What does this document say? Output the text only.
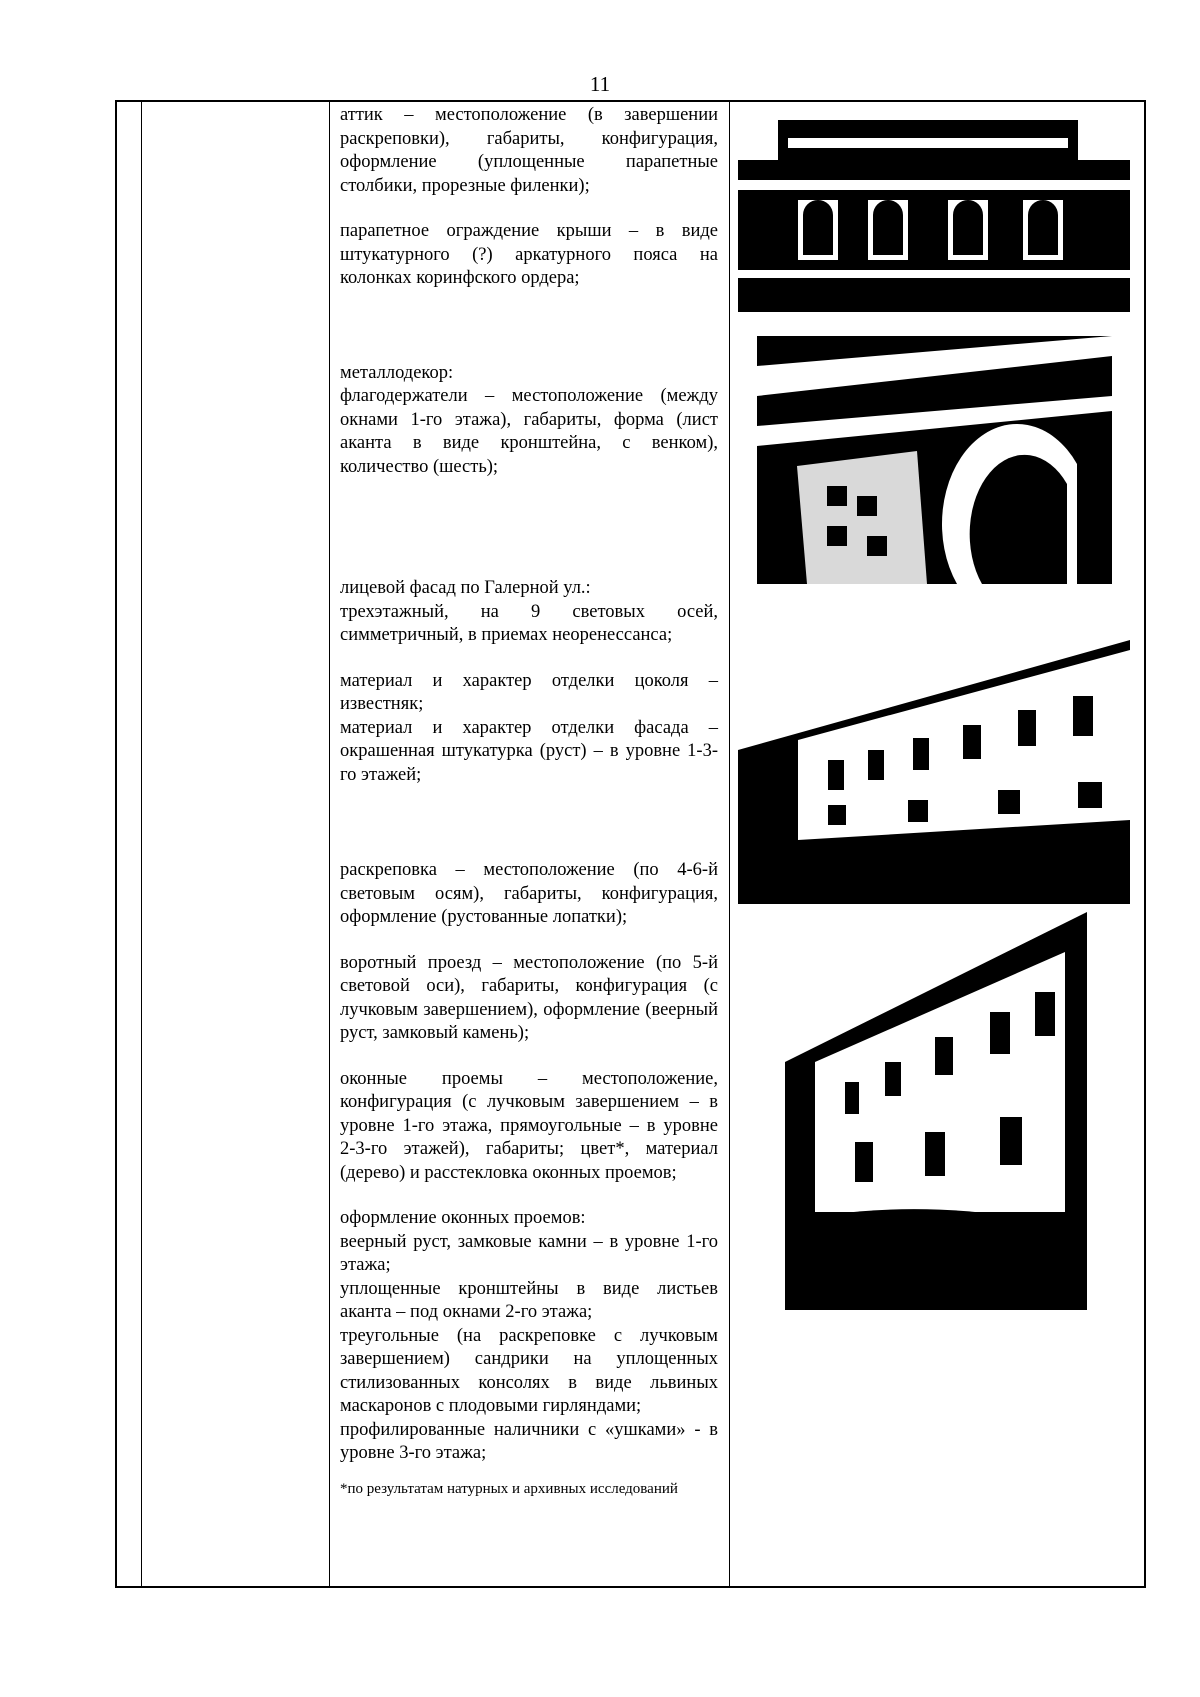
11

аттик – местоположение (в завершении раскреповки), габариты, конфигурация, оформление (уплощенные парапетные столбики, прорезные филенки);

парапетное ограждение крыши – в виде штукатурного (?) аркатурного пояса на колонках коринфского ордера;

металлодекор:

флагодержатели – местоположение (между окнами 1-го этажа), габариты, форма (лист аканта в виде кронштейна, с венком), количество (шесть);

лицевой фасад по Галерной ул.:

трехэтажный, на 9 световых осей, симметричный, в приемах неоренессанса;

материал и характер отделки цоколя – известняк;

материал и характер отделки фасада – окрашенная штукатурка (руст) – в уровне 1-3-го этажей;

раскреповка – местоположение (по 4-6-й световым осям), габариты, конфигурация, оформление (рустованные лопатки);

воротный проезд – местоположение (по 5-й световой оси), габариты, конфигурация (с лучковым завершением), оформление (веерный руст, замковый камень);

оконные проемы – местоположение, конфигурация (с лучковым завершением – в уровне 1-го этажа, прямоугольные – в уровне 2-3-го этажей), габариты; цвет*, материал (дерево) и расстекловка оконных проемов;

оформление оконных проемов:

веерный руст, замковые камни – в уровне 1-го этажа;

уплощенные кронштейны в виде листьев аканта – под окнами 2-го этажа;

треугольные (на раскреповке с лучковым завершением) сандрики на уплощенных стилизованных консолях в виде львиных маскаронов с плодовыми гирляндами;

профилированные наличники с «ушками» - в уровне 3-го этажа;

*по результатам натурных и архивных исследований
